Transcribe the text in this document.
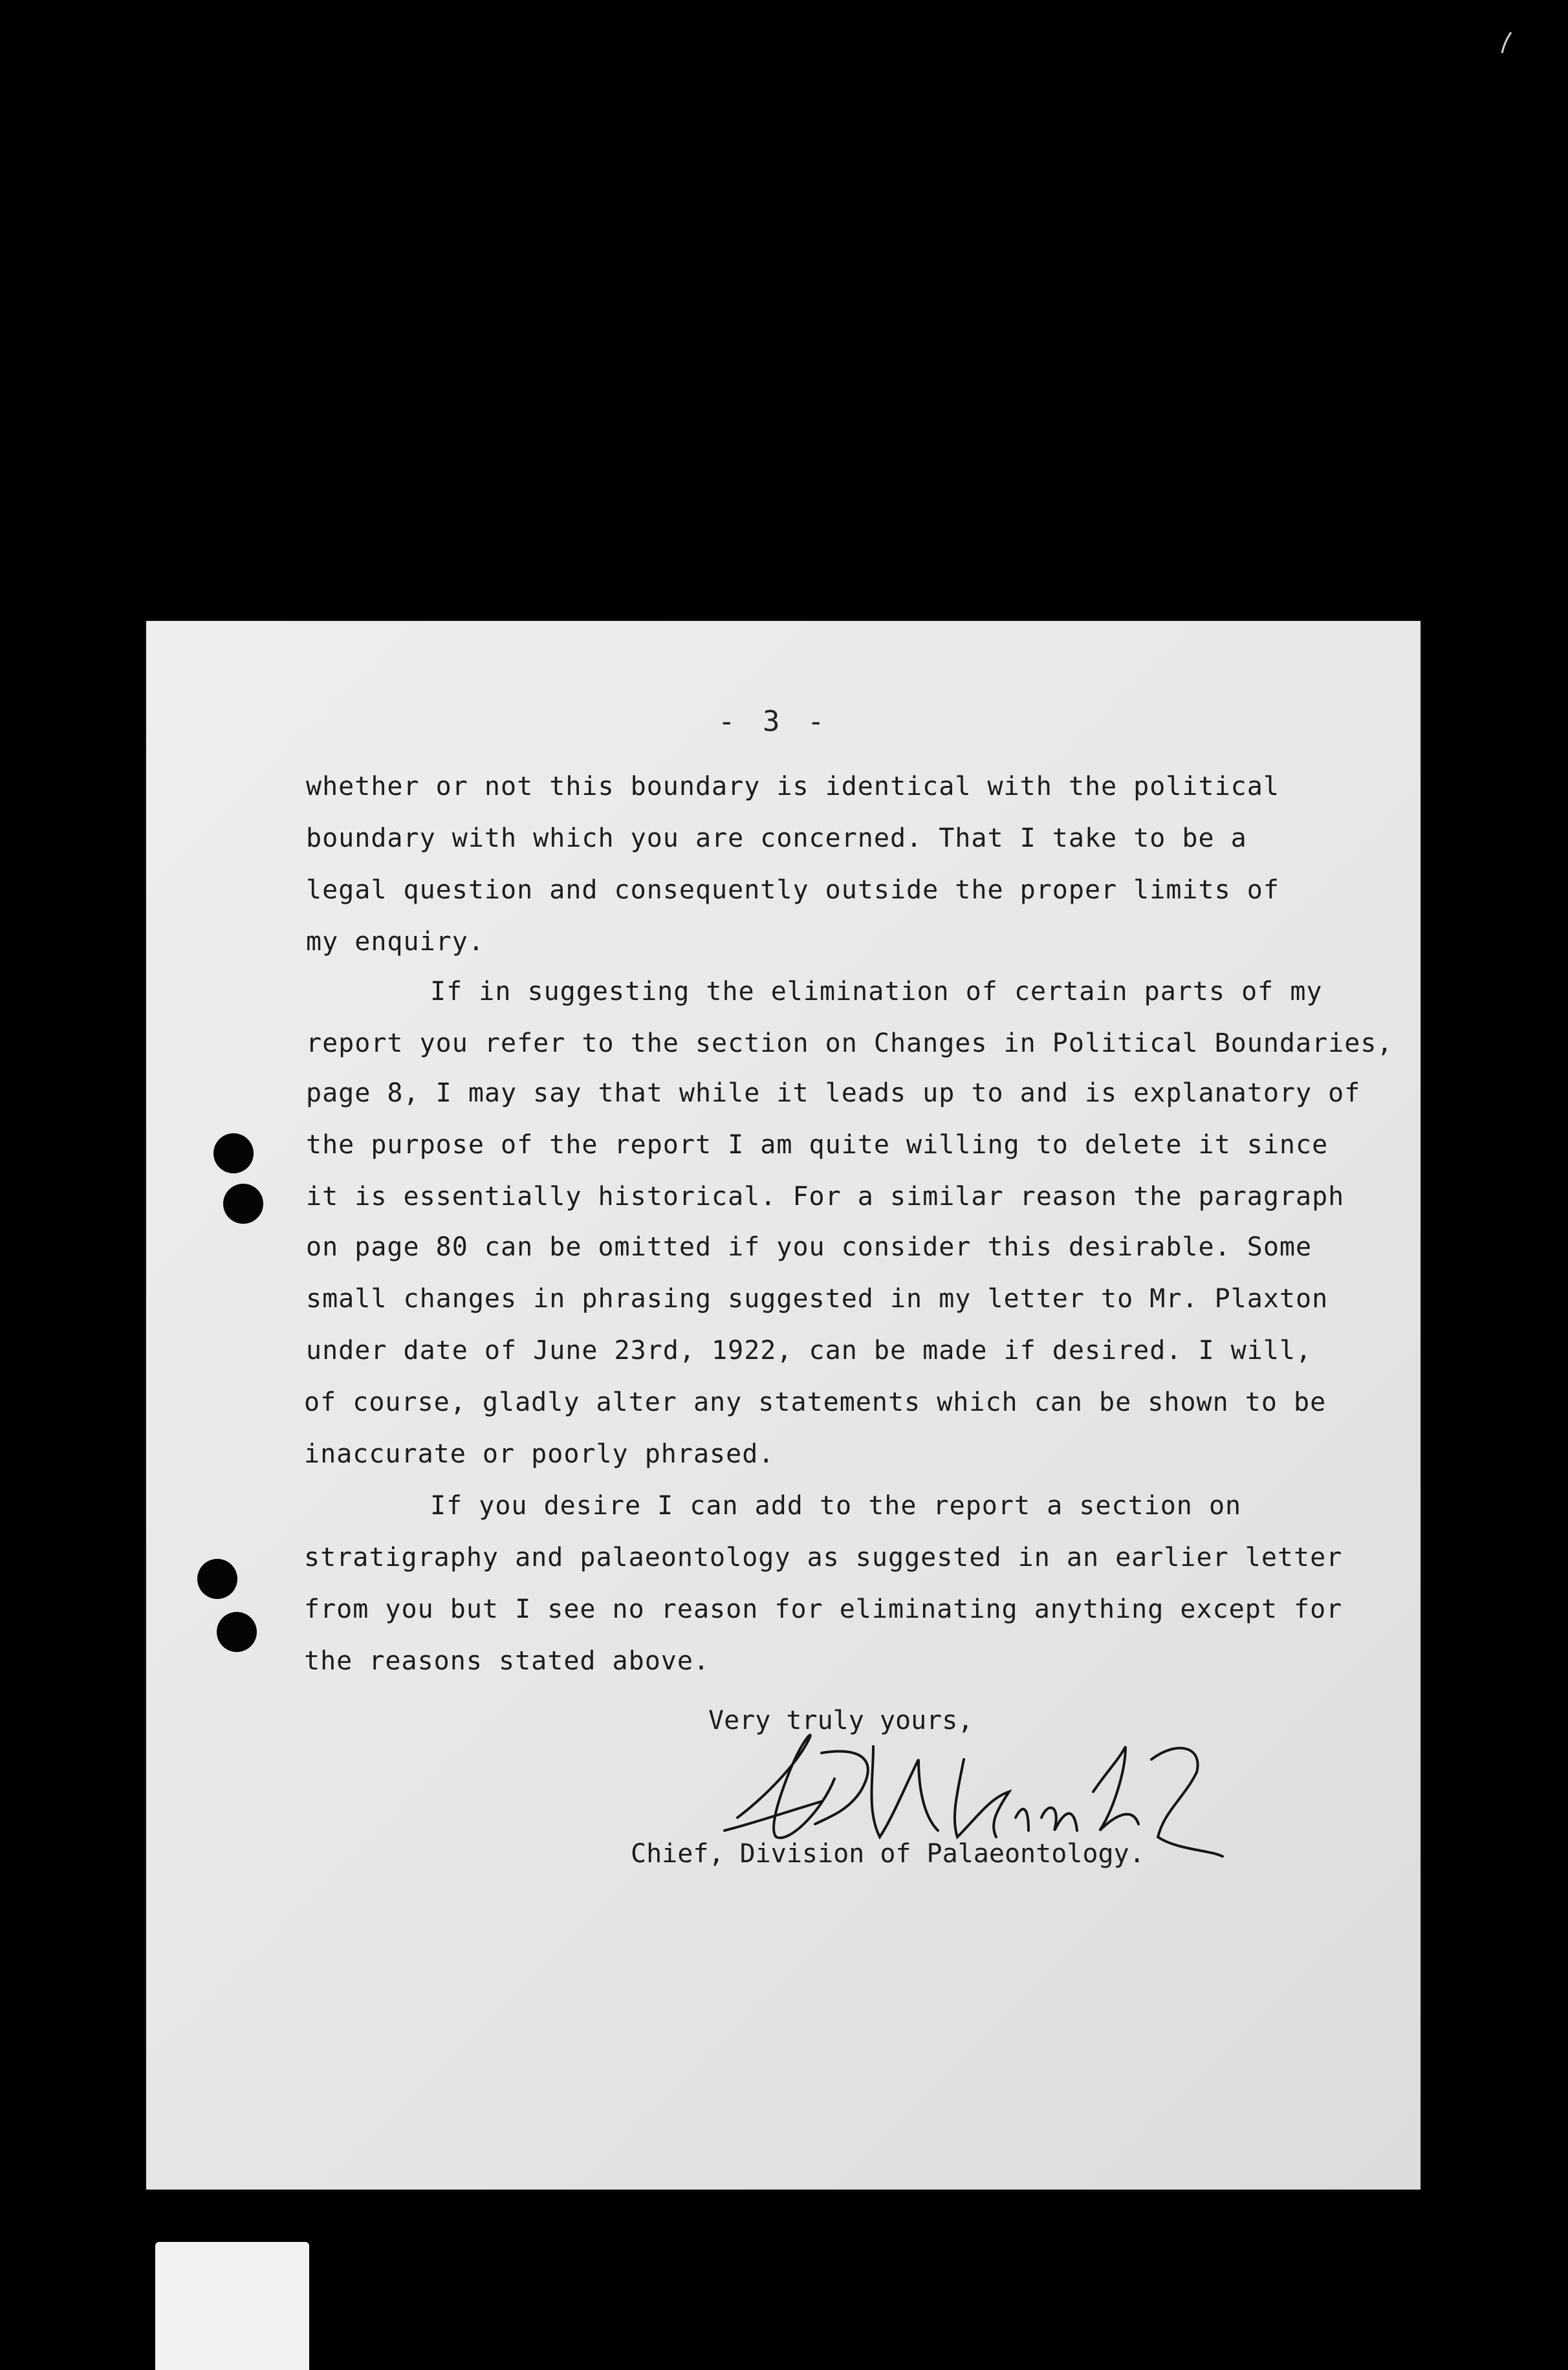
- 3 -
whether or not this boundary is identical with the political
boundary with which you are concerned. That I take to be a
legal question and consequently outside the proper limits of
my enquiry.
If in suggesting the elimination of certain parts of my
report you refer to the section on Changes in Political Boundaries,
page 8, I may say that while it leads up to and is explanatory of
the purpose of the report I am quite willing to delete it since
it is essentially historical. For a similar reason the paragraph
on page 80 can be omitted if you consider this desirable. Some
small changes in phrasing suggested in my letter to Mr. Plaxton
under date of June 23rd, 1922, can be made if desired. I will,
of course, gladly alter any statements which can be shown to be
inaccurate or poorly phrased.
If you desire I can add to the report a section on
stratigraphy and palaeontology as suggested in an earlier letter
from you but I see no reason for eliminating anything except for
the reasons stated above.
Very truly yours,
Chief, Division of Palaeontology.
